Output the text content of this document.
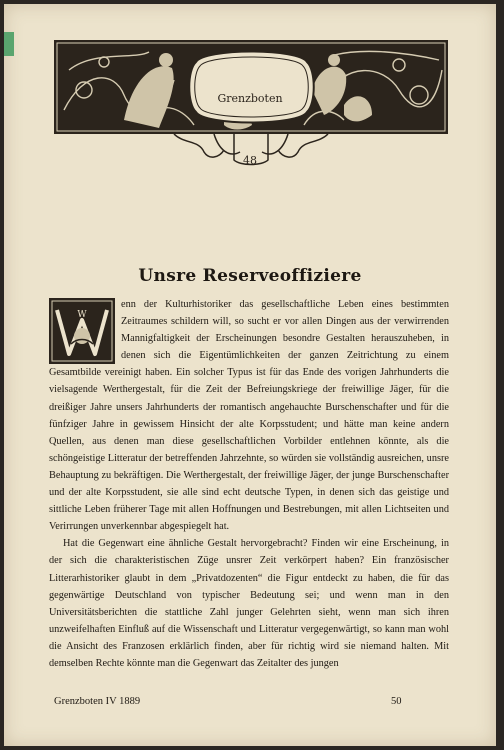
Grenzboten
48
Unsre Reserveoffiziere
W

enn der Kulturhistoriker das gesellschaftliche Leben eines bestimmten Zeitraumes schildern will, so sucht er vor allen Dingen aus der verwirrenden Mannigfaltigkeit der Erscheinungen besondre Gestalten herauszuheben, in denen sich die Eigentümlichkeiten der ganzen Zeitrichtung zu einem Gesamtbilde vereinigt haben. Ein solcher Typus ist für das Ende des vorigen Jahrhunderts die vielsagende Werthergestalt, für die Zeit der Befreiungskriege der freiwillige Jäger, für die dreißiger Jahre unsers Jahrhunderts der romantisch angehauchte Burschenschafter und für die fünfziger Jahre in gewissem Hinsicht der alte Korpsstudent; und hätte man keine andern Quellen, aus denen man diese gesellschaftlichen Vorbilder entlehnen könnte, als die schöngeistige Litteratur der betreffenden Jahrzehnte, so würden sie vollständig ausreichen, unsre Behauptung zu bekräftigen. Die Werthergestalt, der freiwillige Jäger, der junge Burschenschafter und der alte Korpsstudent, sie alle sind echt deutsche Typen, in denen sich das geistige und sittliche Leben früherer Tage mit allen Hoffnungen und Bestrebungen, mit allen Lichtseiten und Verirrungen unverkennbar abgespiegelt hat.

Hat die Gegenwart eine ähnliche Gestalt hervorgebracht? Finden wir eine Erscheinung, in der sich die charakteristischen Züge unsrer Zeit verkörpert haben? Ein französischer Litterarhistoriker glaubt in dem „Privatdozenten“ die Figur entdeckt zu haben, die für das gegenwärtige Deutschland von typischer Bedeutung sei; und wenn man in den Universitätsberichten die stattliche Zahl junger Gelehrten sieht, wenn man sich ihren unzweifelhaften Einfluß auf die Wissenschaft und Litteratur vergegenwärtigt, so kann man wohl die Ansicht des Franzosen erklärlich finden, aber für richtig wird sie niemand halten. Mit demselben Rechte könnte man die Gegenwart das Zeitalter des jungen

Grenzboten IV 1889	50
